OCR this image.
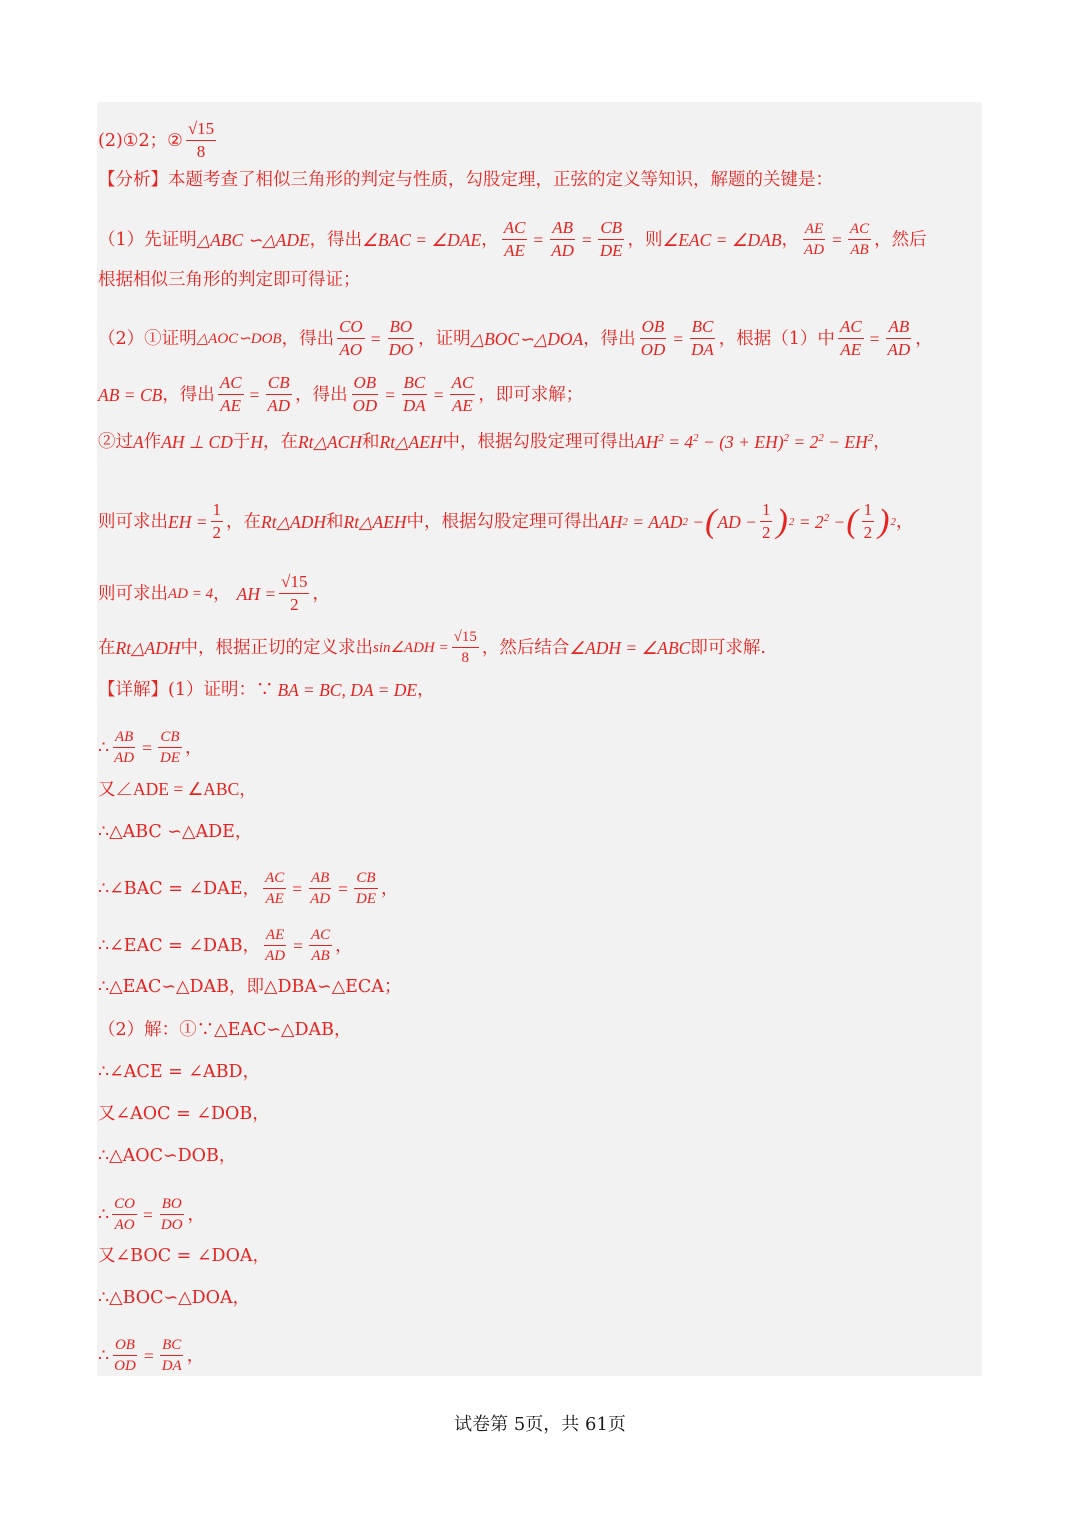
(2)①2；② $\frac{√15}{8}$
【分析】本题考查了相似三角形的判定与性质，勾股定理，正弦的定义等知识，解题的关键是：
（1）先证明 △ABC ∽△ADE ，得出 ∠BAC = ∠DAE ， $\frac{AC}{AE} = \frac{AB}{AD} = \frac{CB}{DE}$ ，则 ∠EAC = ∠DAB ， $\frac{AE}{AD} = \frac{AC}{AB}$ ，然后
根据相似三角形的判定即可得证；
（2）①证明 △AOC∽DOB ，得出 $\frac{CO}{AO} = \frac{BO}{DO}$ ，证明 △BOC∽△DOA ，得出 $\frac{OB}{OD} = \frac{BC}{DA}$ ，根据（1）中 $\frac{AC}{AE} = \frac{AB}{AD}$ ，
AB = CB ，得出 $\frac{AC}{AE} = \frac{CB}{AD}$ ，得出 $\frac{OB}{OD} = \frac{BC}{DA} = \frac{AC}{AE}$ ，即可求解；
②过 A 作 AH ⊥ CD 于 H ，在 Rt△ACH 和 Rt△AEH 中，根据勾股定理可得出 $AH^2 = 4^2 - (3 + EH)^2 = 2^2 - EH^2$ ，
则可求出 EH = $\frac{1}{2}$ ，在 Rt△ADH 和 Rt△AEH 中，根据勾股定理可得出 AH 2 = AAD 2 − ( AD − $\frac{1}{2}$ ) $2 = 2^2$ − ( $\frac{1}{2}$ ) 2 ，
则可求出 AD = 4 ， AH = $\frac{√15}{2}$ ，
在 Rt△ADH 中，根据正切的定义求出 sin∠ADH = $\frac{√15}{8}$ ，然后结合 ∠ADH = ∠ABC 即可求解.
【详解】(1）证明：∵ BA = BC, DA = DE ，
∴ $\frac{AB}{AD} = \frac{CB}{DE}$ ，
又∠ADE = ∠ABC，
∴△ABC ∽△ADE，
∴∠BAC = ∠DAE， $\frac{AC}{AE} = \frac{AB}{AD} = \frac{CB}{DE}$ ，
∴∠EAC = ∠DAB， $\frac{AE}{AD} = \frac{AC}{AB}$ ，
∴△EAC∽△DAB，即△DBA∽△ECA；
（2）解：①∵△EAC∽△DAB，
∴∠ACE = ∠ABD，
又∠AOC = ∠DOB，
∴△AOC∽DOB，
∴ $\frac{CO}{AO} = \frac{BO}{DO}$ ，
又∠BOC = ∠DOA，
∴△BOC∽△DOA，
∴ $\frac{OB}{OD} = \frac{BC}{DA}$ ，
试卷第 5页，共 61页
